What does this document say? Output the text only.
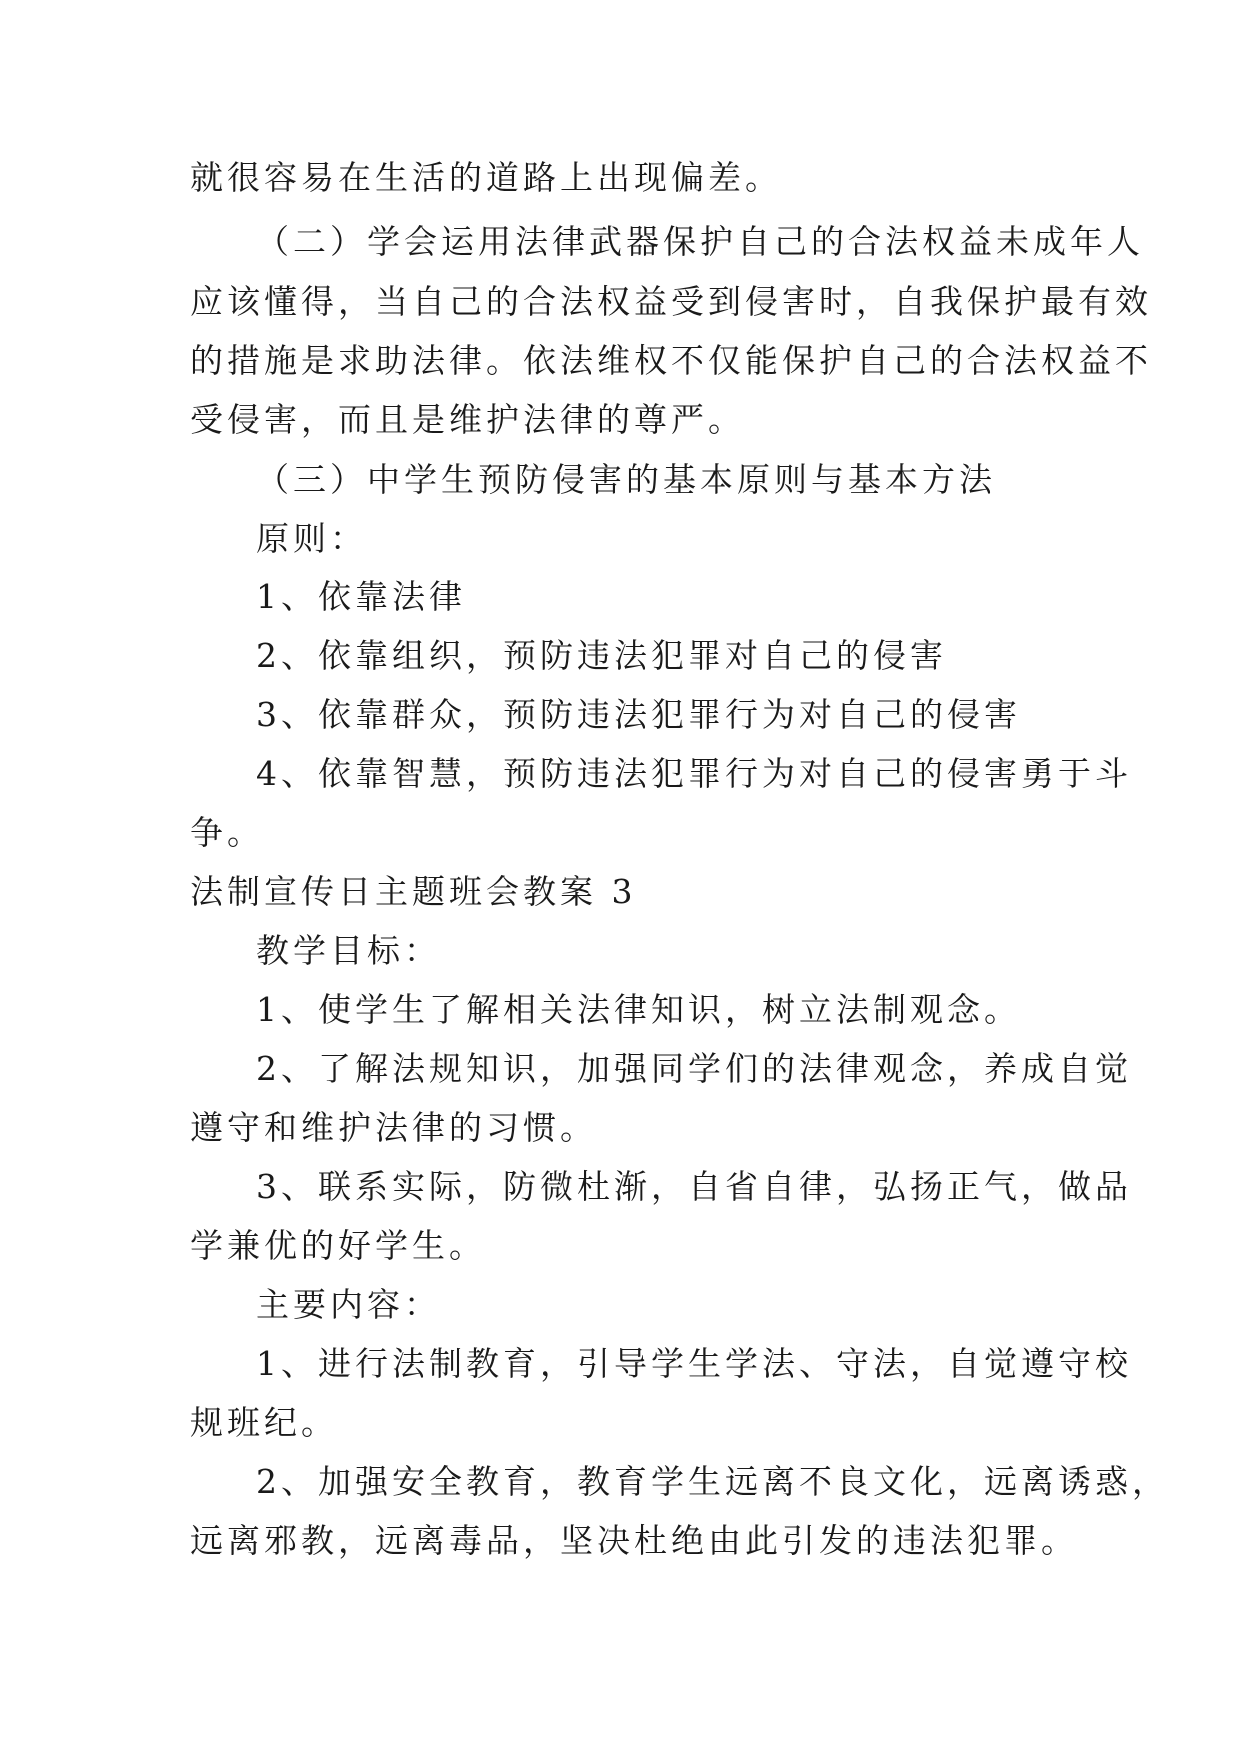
就很容易在生活的道路上出现偏差。

（二）学会运用法律武器保护自己的合法权益未成年人

应该懂得，当自己的合法权益受到侵害时，自我保护最有效

的措施是求助法律。依法维权不仅能保护自己的合法权益不

受侵害，而且是维护法律的尊严。

（三）中学生预防侵害的基本原则与基本方法

原则：

1、依靠法律

2、依靠组织，预防违法犯罪对自己的侵害

3、依靠群众，预防违法犯罪行为对自己的侵害

4、依靠智慧，预防违法犯罪行为对自己的侵害勇于斗

争。

法制宣传日主题班会教案 3

教学目标：

1、使学生了解相关法律知识，树立法制观念。

2、了解法规知识，加强同学们的法律观念，养成自觉

遵守和维护法律的习惯。

3、联系实际，防微杜渐，自省自律，弘扬正气，做品

学兼优的好学生。

主要内容：

1、进行法制教育，引导学生学法、守法，自觉遵守校

规班纪。

2、加强安全教育，教育学生远离不良文化，远离诱惑，

远离邪教，远离毒品，坚决杜绝由此引发的违法犯罪。
